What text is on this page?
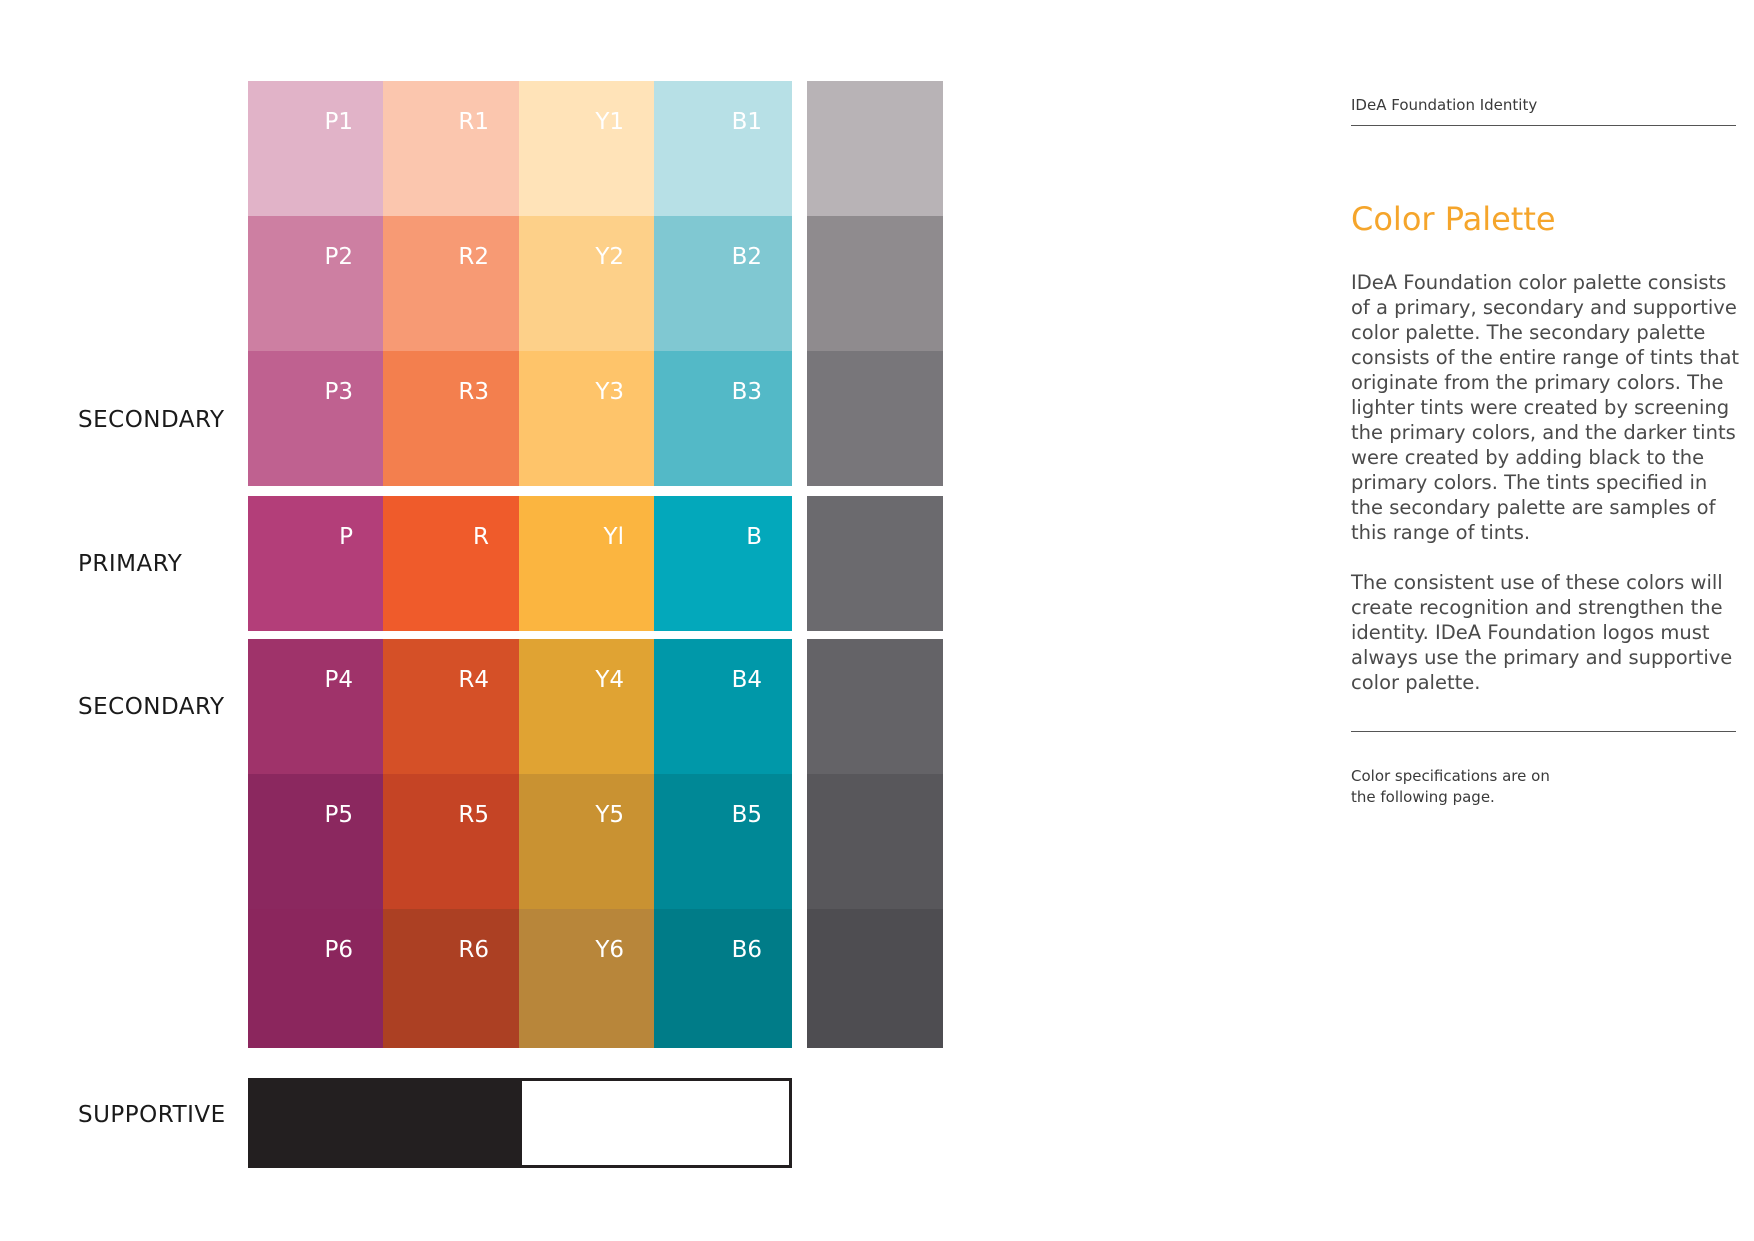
SECONDARY
PRIMARY
SECONDARY
SUPPORTIVE
P1	R1	Y1	B1
P2	R2	Y2	B2
P3	R3	Y3	B3
P	R	Yl	B
P4	R4	Y4	B4
P5	R5	Y5	B5
P6	R6	Y6	B6
IDeA Foundation Identity
Color Palette
IDeA Foundation color palette consists of a primary, secondary and supportive color palette. The secondary palette consists of the entire range of tints that originate from the primary colors. The lighter tints were created by screening the primary colors, and the darker tints were created by adding black to the primary colors. The tints specified in the secondary palette are samples of this range of tints.
The consistent use of these colors will create recognition and strengthen the identity. IDeA Foundation logos must always use the primary and supportive color palette.
Color specifications are on the following page.
